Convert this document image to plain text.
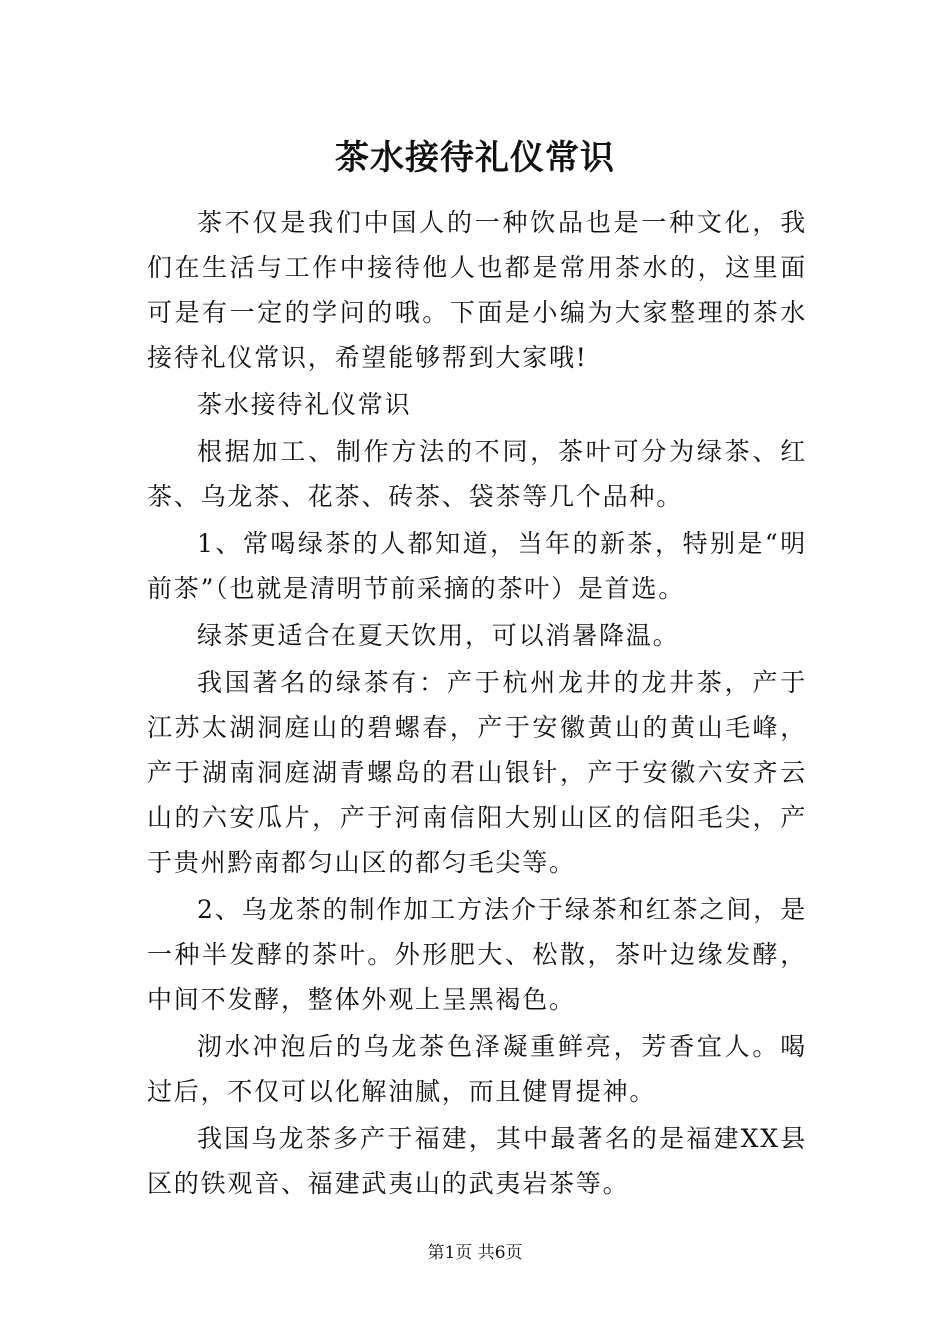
茶水接待礼仪常识

茶不仅是我们中国人的一种饮品也是一种文化，我们在生活与工作中接待他人也都是常用茶水的，这里面可是有一定的学问的哦。下面是小编为大家整理的茶水接待礼仪常识，希望能够帮到大家哦!

茶水接待礼仪常识

根据加工、制作方法的不同，茶叶可分为绿茶、红茶、乌龙茶、花茶、砖茶、袋茶等几个品种。

1、常喝绿茶的人都知道，当年的新茶，特别是“明前茶”（也就是清明节前采摘的茶叶）是首选。

绿茶更适合在夏天饮用，可以消暑降温。

我国著名的绿茶有：产于杭州龙井的龙井茶，产于江苏太湖洞庭山的碧螺春，产于安徽黄山的黄山毛峰，产于湖南洞庭湖青螺岛的君山银针，产于安徽六安齐云山的六安瓜片，产于河南信阳大别山区的信阳毛尖，产于贵州黔南都匀山区的都匀毛尖等。

2、乌龙茶的制作加工方法介于绿茶和红茶之间，是一种半发酵的茶叶。外形肥大、松散，茶叶边缘发酵，中间不发酵，整体外观上呈黑褐色。

沏水冲泡后的乌龙茶色泽凝重鲜亮，芳香宜人。喝过后，不仅可以化解油腻，而且健胃提神。

我国乌龙茶多产于福建，其中最著名的是福建XX县区的铁观音、福建武夷山的武夷岩茶等。

第1页 共6页
